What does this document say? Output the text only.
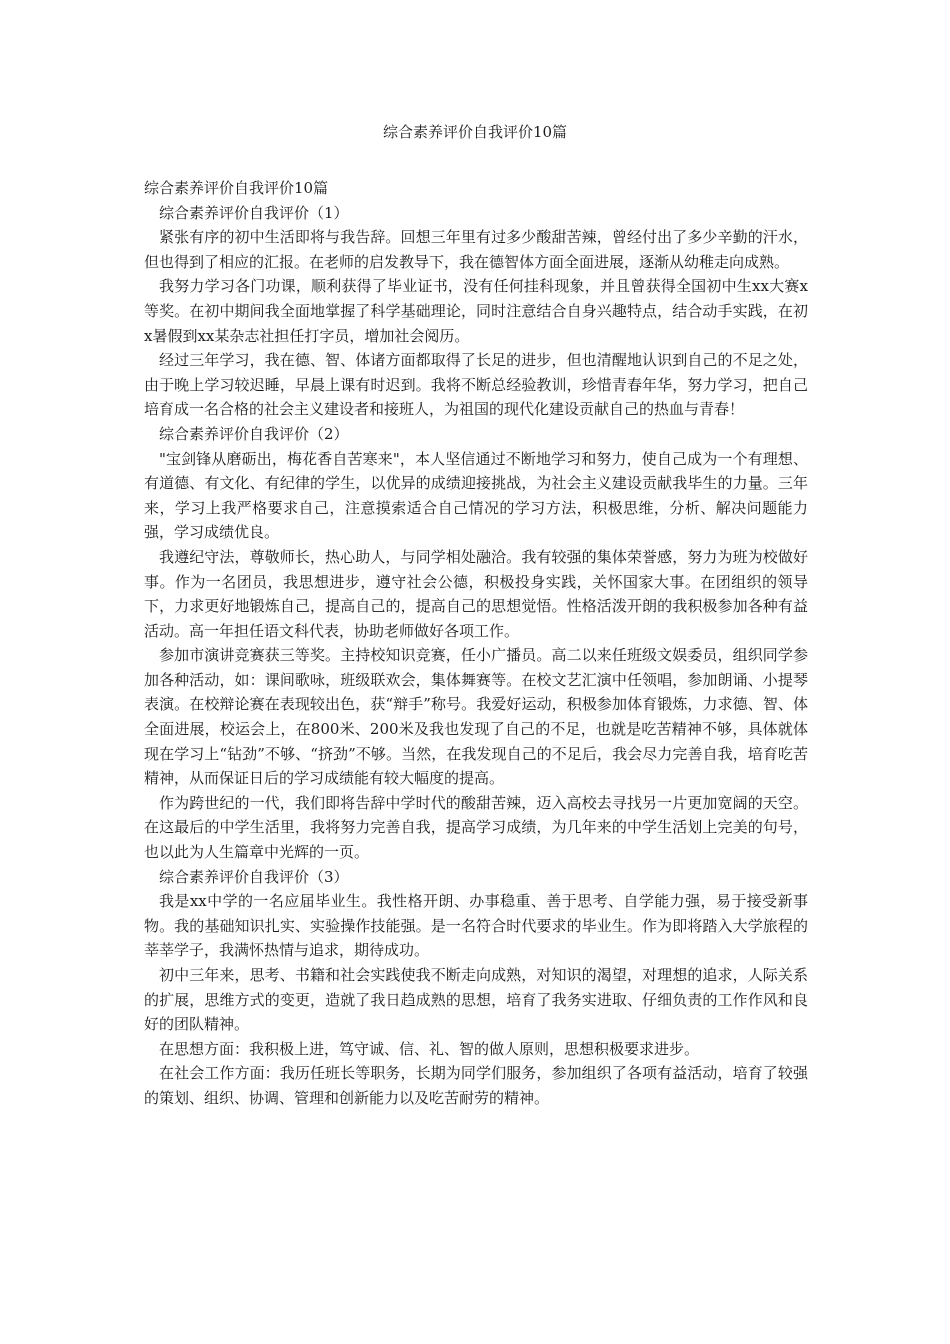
综合素养评价自我评价10篇

综合素养评价自我评价10篇

综合素养评价自我评价（1）

紧张有序的初中生活即将与我告辞。回想三年里有过多少酸甜苦辣，曾经付出了多少辛勤的汗水，但也得到了相应的汇报。在老师的启发教导下，我在德智体方面全面进展，逐渐从幼稚走向成熟。

我努力学习各门功课，顺利获得了毕业证书，没有任何挂科现象，并且曾获得全国初中生xx大赛x等奖。在初中期间我全面地掌握了科学基础理论，同时注意结合自身兴趣特点，结合动手实践，在初x暑假到xx某杂志社担任打字员，增加社会阅历。

经过三年学习，我在德、智、体诸方面都取得了长足的进步，但也清醒地认识到自己的不足之处，由于晚上学习较迟睡，早晨上课有时迟到。我将不断总经验教训，珍惜青春年华，努力学习，把自己培育成一名合格的社会主义建设者和接班人，为祖国的现代化建设贡献自己的热血与青春！

综合素养评价自我评价（2）

"宝剑锋从磨砺出，梅花香自苦寒来"，本人坚信通过不断地学习和努力，使自己成为一个有理想、有道德、有文化、有纪律的学生，以优异的成绩迎接挑战，为社会主义建设贡献我毕生的力量。三年来，学习上我严格要求自己，注意摸索适合自己情况的学习方法，积极思维，分析、解决问题能力强，学习成绩优良。

我遵纪守法，尊敬师长，热心助人，与同学相处融洽。我有较强的集体荣誉感，努力为班为校做好事。作为一名团员，我思想进步，遵守社会公德，积极投身实践，关怀国家大事。在团组织的领导下，力求更好地锻炼自己，提高自己的，提高自己的思想觉悟。性格活泼开朗的我积极参加各种有益活动。高一年担任语文科代表，协助老师做好各项工作。

参加市演讲竞赛获三等奖。主持校知识竞赛，任小广播员。高二以来任班级文娱委员，组织同学参加各种活动，如：课间歌咏，班级联欢会，集体舞赛等。在校文艺汇演中任领唱，参加朗诵、小提琴表演。在校辩论赛在表现较出色，获“辩手”称号。我爱好运动，积极参加体育锻炼，力求德、智、体全面进展，校运会上，在800米、200米及我也发现了自己的不足，也就是吃苦精神不够，具体就体现在学习上“钻劲”不够、“挤劲”不够。当然，在我发现自己的不足后，我会尽力完善自我，培育吃苦精神，从而保证日后的学习成绩能有较大幅度的提高。

作为跨世纪的一代，我们即将告辞中学时代的酸甜苦辣，迈入高校去寻找另一片更加宽阔的天空。在这最后的中学生活里，我将努力完善自我，提高学习成绩，为几年来的中学生活划上完美的句号，也以此为人生篇章中光辉的一页。

综合素养评价自我评价（3）

我是xx中学的一名应届毕业生。我性格开朗、办事稳重、善于思考、自学能力强，易于接受新事物。我的基础知识扎实、实验操作技能强。是一名符合时代要求的毕业生。作为即将踏入大学旅程的莘莘学子，我满怀热情与追求，期待成功。

初中三年来，思考、书籍和社会实践使我不断走向成熟，对知识的渴望，对理想的追求，人际关系的扩展，思维方式的变更，造就了我日趋成熟的思想，培育了我务实进取、仔细负责的工作作风和良好的团队精神。

在思想方面：我积极上进，笃守诚、信、礼、智的做人原则，思想积极要求进步。

在社会工作方面：我历任班长等职务，长期为同学们服务，参加组织了各项有益活动，培育了较强的策划、组织、协调、管理和创新能力以及吃苦耐劳的精神。
